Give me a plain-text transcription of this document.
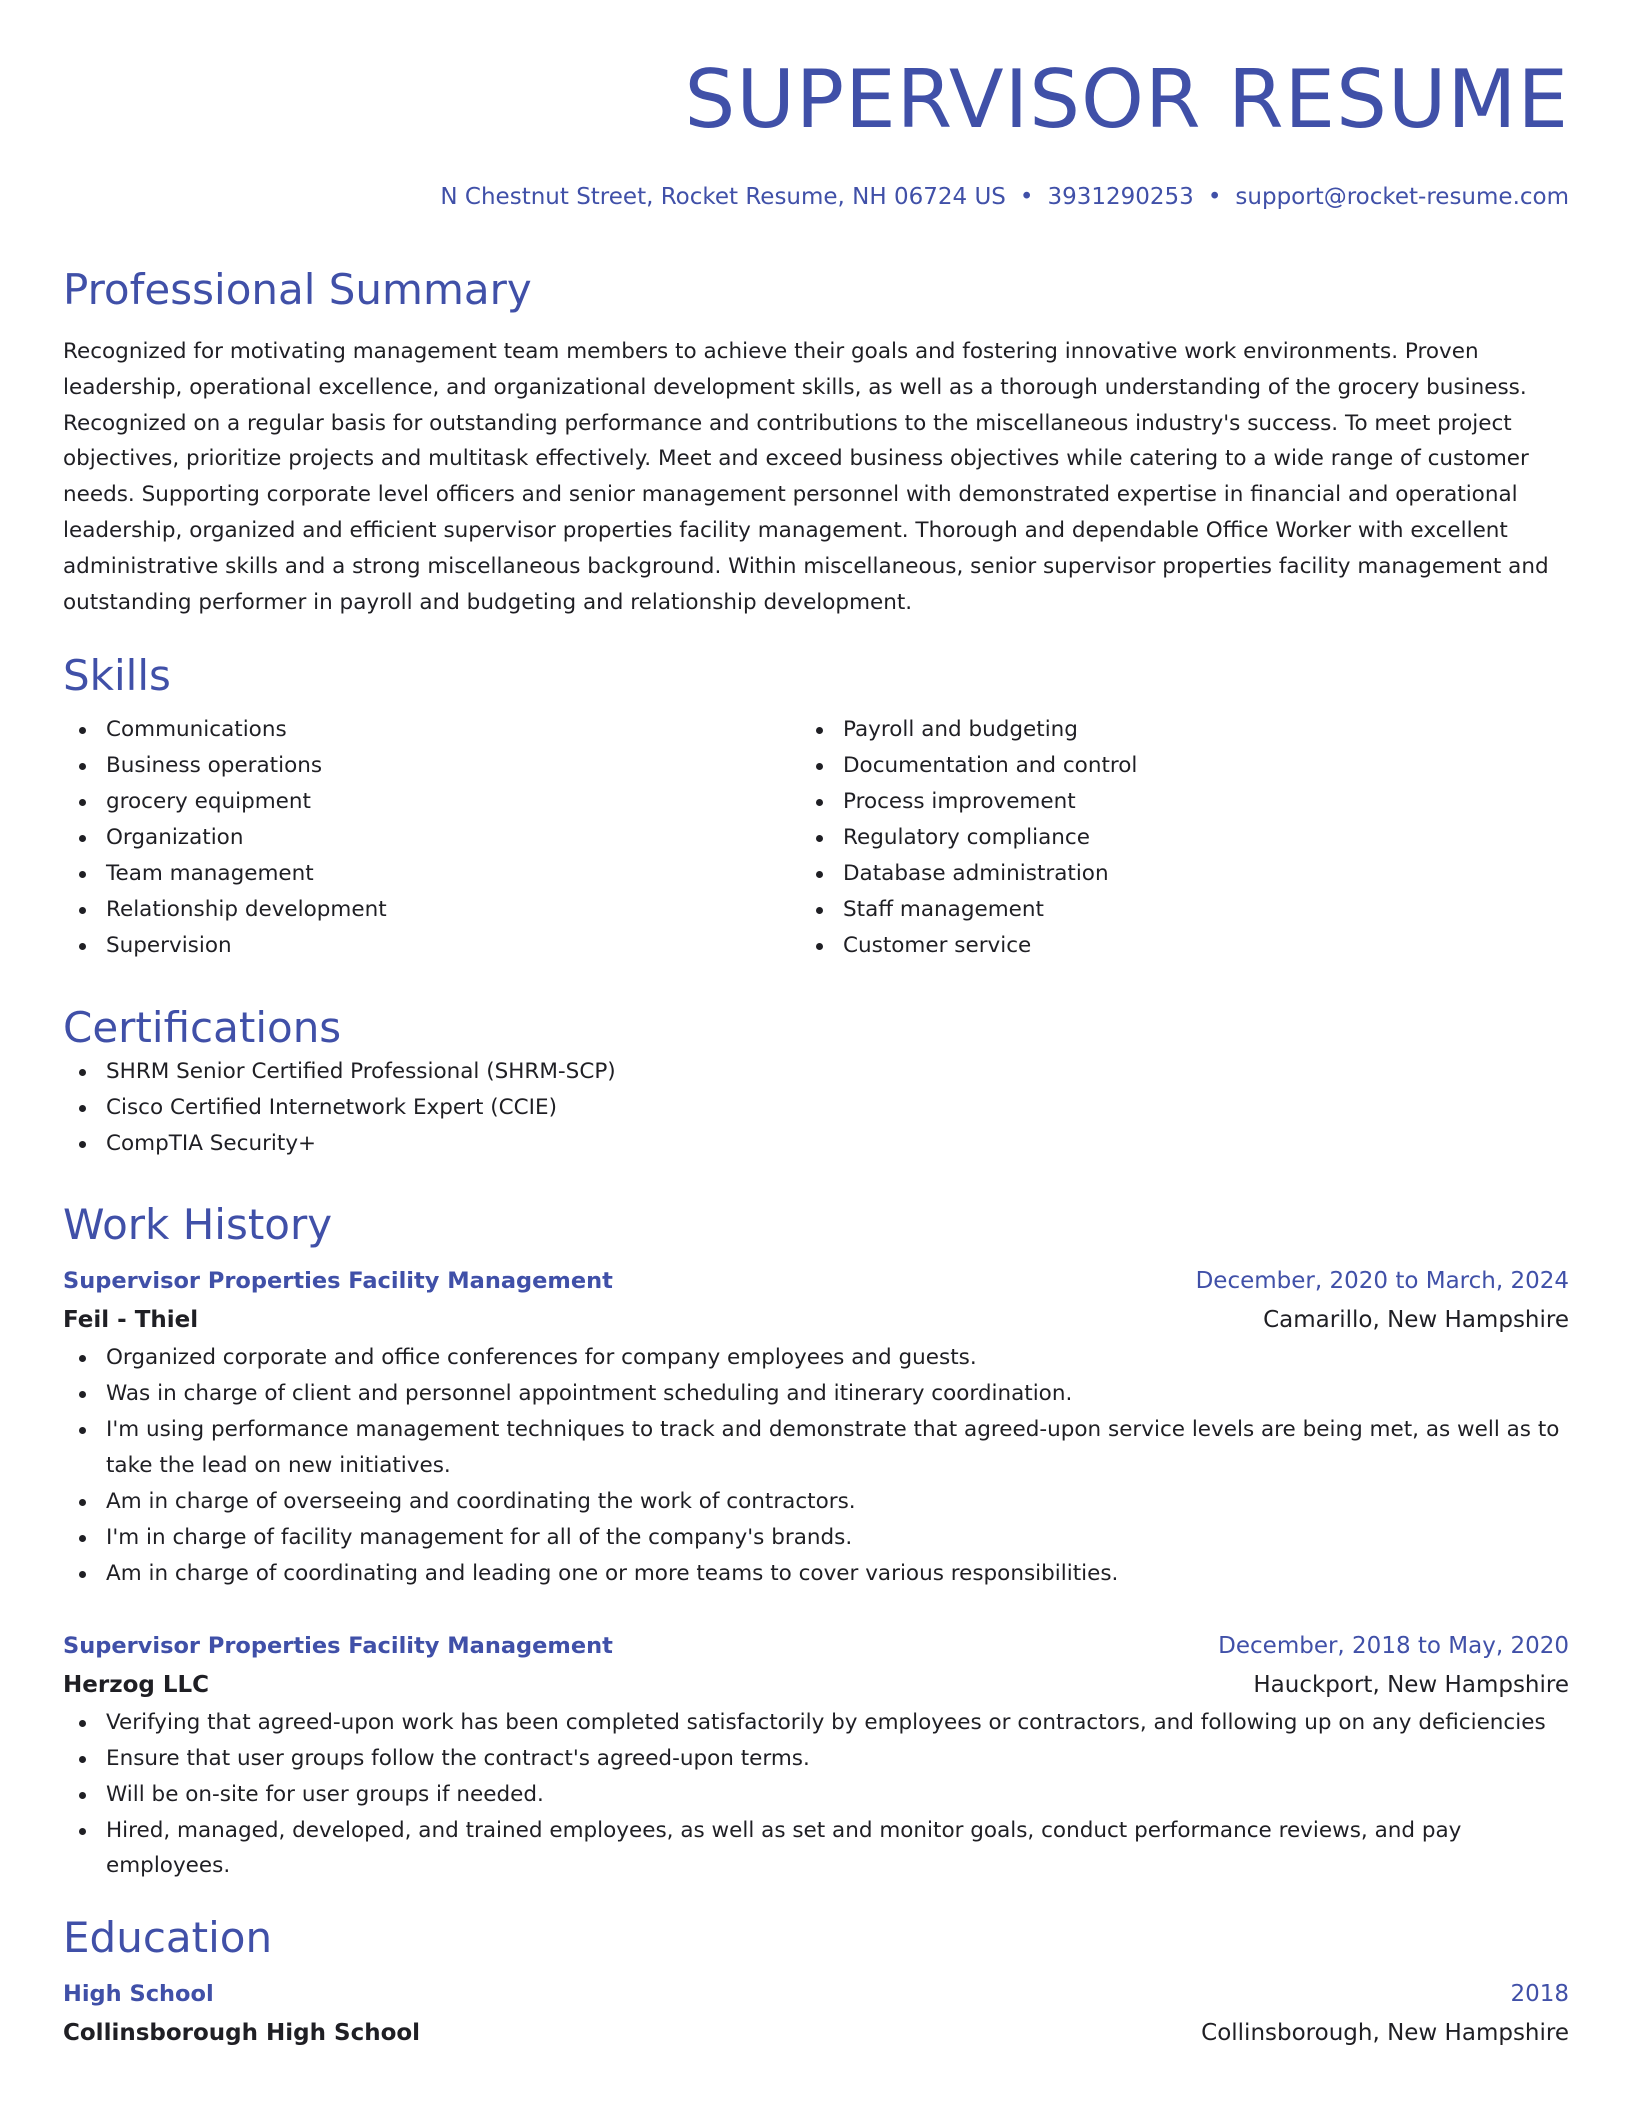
SUPERVISOR RESUME
N Chestnut Street, Rocket Resume, NH 06724 US • 3931290253 • support@rocket-resume.com
Professional Summary

Recognized for motivating management team members to achieve their goals and fostering innovative work environments. Proven leadership, operational excellence, and organizational development skills, as well as a thorough understanding of the grocery business. Recognized on a regular basis for outstanding performance and contributions to the miscellaneous industry's success. To meet project objectives, prioritize projects and multitask effectively. Meet and exceed business objectives while catering to a wide range of customer needs. Supporting corporate level officers and senior management personnel with demonstrated expertise in financial and operational leadership, organized and efficient supervisor properties facility management. Thorough and dependable Office Worker with excellent administrative skills and a strong miscellaneous background. Within miscellaneous, senior supervisor properties facility management and outstanding performer in payroll and budgeting and relationship development.

Skills
Communications
Business operations
grocery equipment
Organization
Team management
Relationship development
Supervision
Payroll and budgeting
Documentation and control
Process improvement
Regulatory compliance
Database administration
Staff management
Customer service
Certifications
SHRM Senior Certified Professional (SHRM-SCP)
Cisco Certified Internetwork Expert (CCIE)
CompTIA Security+
Work History
Supervisor Properties Facility Management	December, 2020 to March, 2024
Feil - Thiel	Camarillo, New Hampshire
Organized corporate and office conferences for company employees and guests.
Was in charge of client and personnel appointment scheduling and itinerary coordination.
I'm using performance management techniques to track and demonstrate that agreed-upon service levels are being met, as well as to take the lead on new initiatives.
Am in charge of overseeing and coordinating the work of contractors.
I'm in charge of facility management for all of the company's brands.
Am in charge of coordinating and leading one or more teams to cover various responsibilities.
Supervisor Properties Facility Management	December, 2018 to May, 2020
Herzog LLC	Hauckport, New Hampshire
Verifying that agreed-upon work has been completed satisfactorily by employees or contractors, and following up on any deficiencies
Ensure that user groups follow the contract's agreed-upon terms.
Will be on-site for user groups if needed.
Hired, managed, developed, and trained employees, as well as set and monitor goals, conduct performance reviews, and pay employees.
Education
High School	2018
Collinsborough High School	Collinsborough, New Hampshire
